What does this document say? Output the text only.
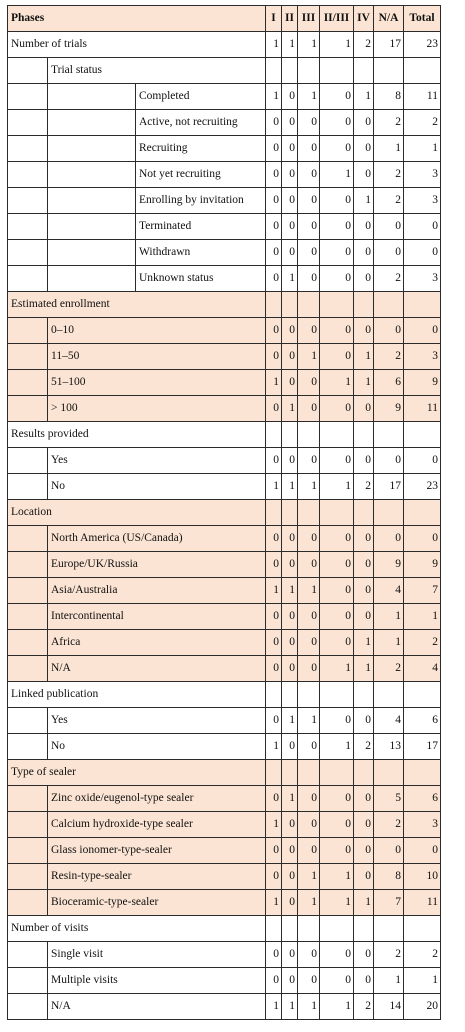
Phases			I	II	III	II/III	IV	N/A	Total
Number of trials			1	1	1	1	2	17	23
	Trial status								
		Completed	1	0	1	0	1	8	11
		Active, not recruiting	0	0	0	0	0	2	2
		Recruiting	0	0	0	0	0	1	1
		Not yet recruiting	0	0	0	1	0	2	3
		Enrolling by invitation	0	0	0	0	1	2	3
		Terminated	0	0	0	0	0	0	0
		Withdrawn	0	0	0	0	0	0	0
		Unknown status	0	1	0	0	0	2	3
Estimated enrollment									
	0–10		0	0	0	0	0	0	0
	11–50		0	0	1	0	1	2	3
	51–100		1	0	0	1	1	6	9
	> 100		0	1	0	0	0	9	11
Results provided									
	Yes		0	0	0	0	0	0	0
	No		1	1	1	1	2	17	23
Location									
	North America (US/Canada)		0	0	0	0	0	0	0
	Europe/UK/Russia		0	0	0	0	0	9	9
	Asia/Australia		1	1	1	0	0	4	7
	Intercontinental		0	0	0	0	0	1	1
	Africa		0	0	0	0	1	1	2
	N/A		0	0	0	1	1	2	4
Linked publication									
	Yes		0	1	1	0	0	4	6
	No		1	0	0	1	2	13	17
Type of sealer									
	Zinc oxide/eugenol-type sealer		0	1	0	0	0	5	6
	Calcium hydroxide-type sealer		1	0	0	0	0	2	3
	Glass ionomer-type-sealer		0	0	0	0	0	0	0
	Resin-type-sealer		0	0	1	1	0	8	10
	Bioceramic-type-sealer		1	0	1	1	1	7	11
Number of visits									
	Single visit		0	0	0	0	0	2	2
	Multiple visits		0	0	0	0	0	1	1
	N/A		1	1	1	1	2	14	20
